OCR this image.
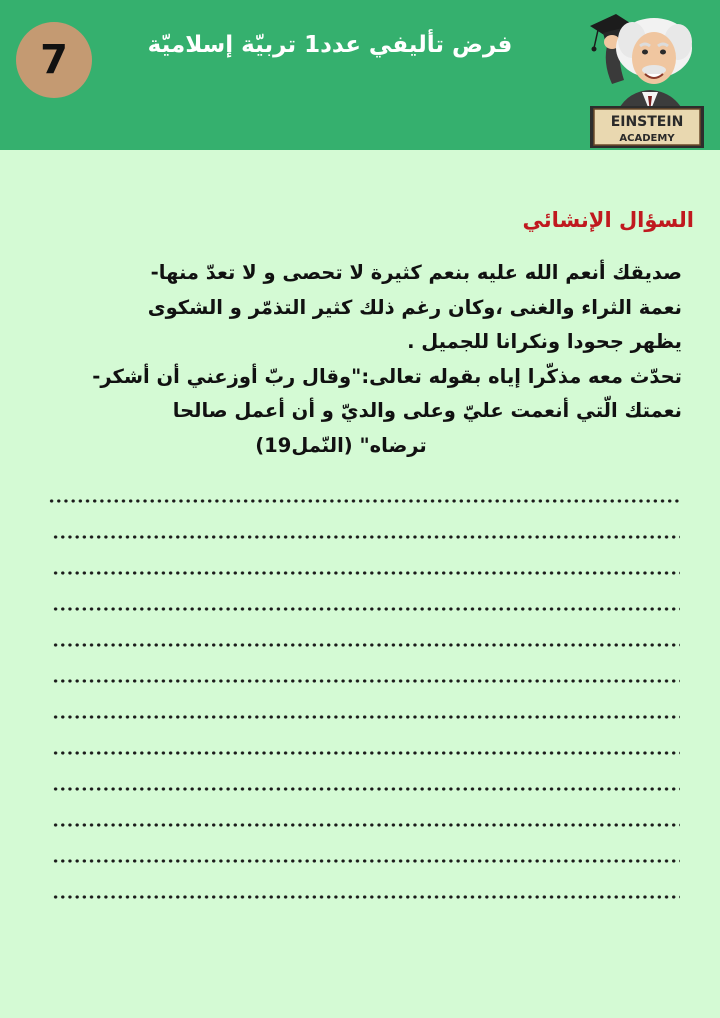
7	فرض تأليفي عدد1 تربيّة إسلاميّة
EINSTEIN
ACADEMY
السؤال الإنشائي
صديقك أنعم الله عليه بنعم كثيرة لا تحصى و لا تعدّ منها-
نعمة الثراء والغنى ،وكان رغم ذلك كثير التذمّر و الشكوى
يظهر جحودا ونكرانا للجميل .
تحدّث معه مذكّرا إياه بقوله تعالى:"وقال ربّ أوزعني أن أشكر-
نعمتك الّتي أنعمت عليّ وعلى والديّ و أن أعمل صالحا
ترضاه" (النّمل19)
